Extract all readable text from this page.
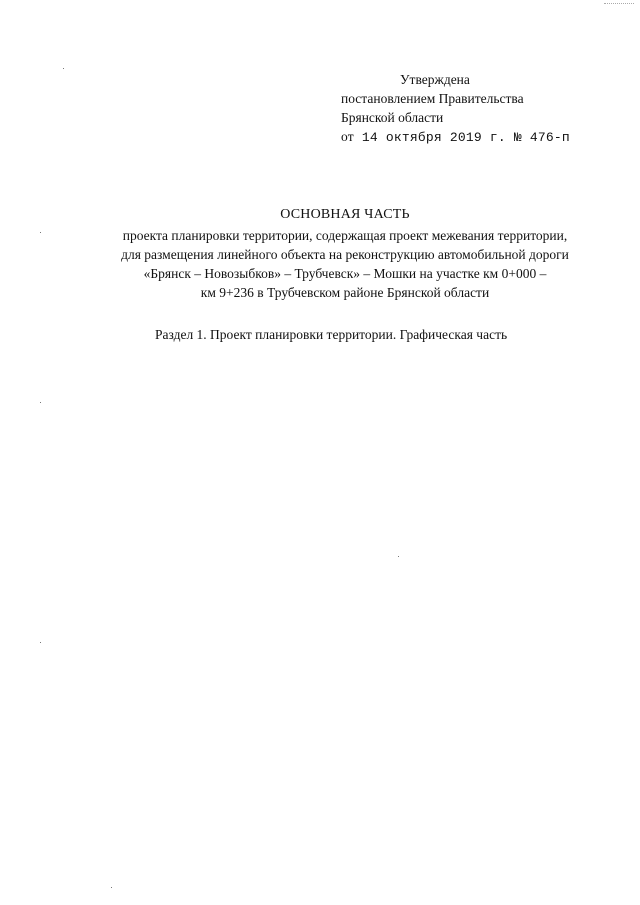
Утверждена
постановлением Правительства
Брянской области
от 14 октября 2019 г. № 476-п
ОСНОВНАЯ ЧАСТЬ
проекта планировки территории, содержащая проект межевания территории,
для размещения линейного объекта на реконструкцию автомобильной дороги
«Брянск – Новозыбков» – Трубчевск» – Мошки на участке км 0+000 –
км 9+236 в Трубчевском районе Брянской области
Раздел 1. Проект планировки территории. Графическая часть
